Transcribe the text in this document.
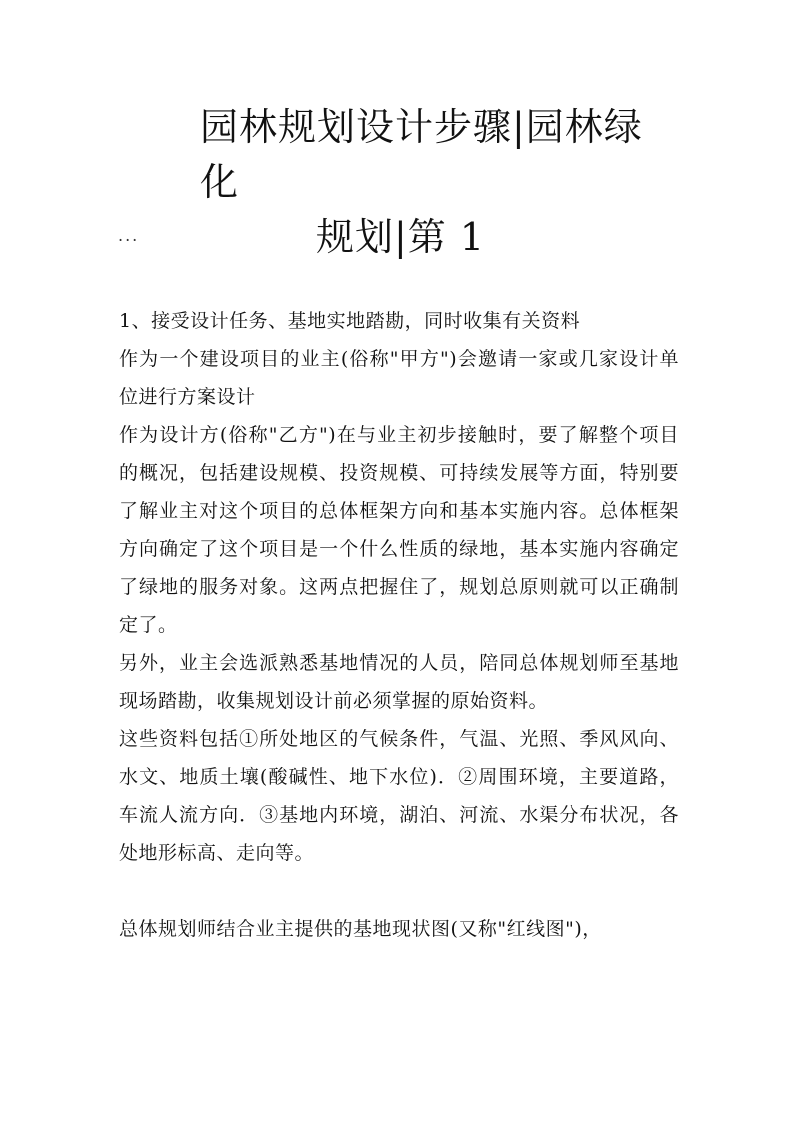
园林规划设计步骤|园林绿化
规划|第 1
...

1、接受设计任务、基地实地踏勘，同时收集有关资料

作为一个建设项目的业主(俗称"甲方")会邀请一家或几家设计单位进行方案设计

作为设计方(俗称"乙方")在与业主初步接触时，要了解整个项目的概况，包括建设规模、投资规模、可持续发展等方面，特别要了解业主对这个项目的总体框架方向和基本实施内容。总体框架方向确定了这个项目是一个什么性质的绿地，基本实施内容确定了绿地的服务对象。这两点把握住了，规划总原则就可以正确制定了。

另外，业主会选派熟悉基地情况的人员，陪同总体规划师至基地现场踏勘，收集规划设计前必须掌握的原始资料。

这些资料包括①所处地区的气候条件，气温、光照、季风风向、水文、地质土壤(酸碱性、地下水位)．②周围环境，主要道路，车流人流方向．③基地内环境，湖泊、河流、水渠分布状况，各处地形标高、走向等。

总体规划师结合业主提供的基地现状图(又称"红线图")，
